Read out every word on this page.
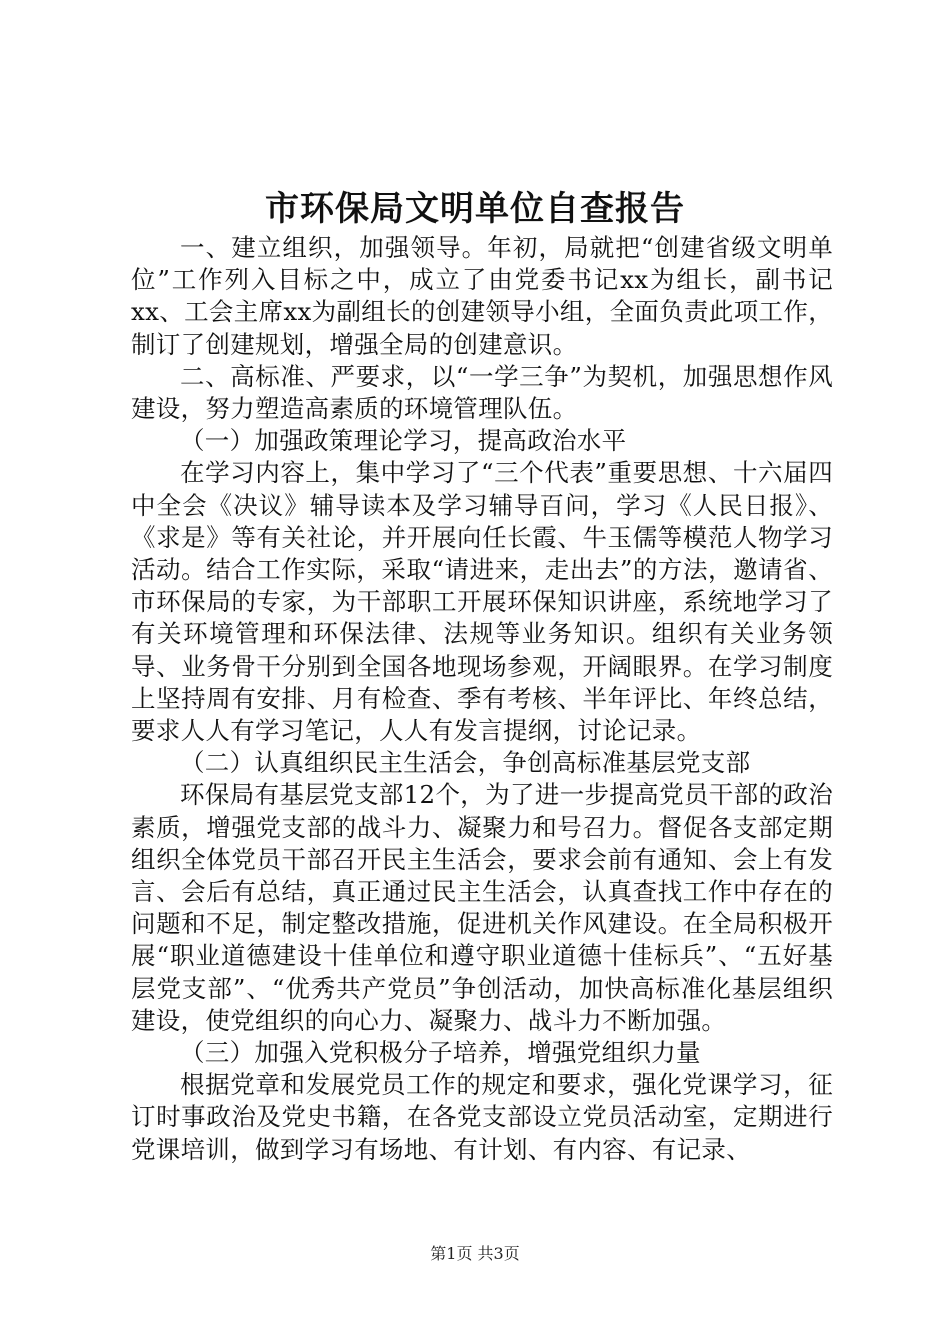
市环保局文明单位自查报告

一、建立组织，加强领导。年初，局就把“创建省级文明单位”工作列入目标之中，成立了由党委书记xx为组长，副书记xx、工会主席xx为副组长的创建领导小组，全面负责此项工作，制订了创建规划，增强全局的创建意识。

二、高标准、严要求，以“一学三争”为契机，加强思想作风建设，努力塑造高素质的环境管理队伍。

（一）加强政策理论学习，提高政治水平

在学习内容上，集中学习了“三个代表”重要思想、十六届四中全会《决议》辅导读本及学习辅导百问，学习《人民日报》、《求是》等有关社论，并开展向任长霞、牛玉儒等模范人物学习活动。结合工作实际，采取“请进来，走出去”的方法，邀请省、市环保局的专家，为干部职工开展环保知识讲座，系统地学习了有关环境管理和环保法律、法规等业务知识。组织有关业务领导、业务骨干分别到全国各地现场参观，开阔眼界。在学习制度上坚持周有安排、月有检查、季有考核、半年评比、年终总结，要求人人有学习笔记，人人有发言提纲，讨论记录。

（二）认真组织民主生活会，争创高标准基层党支部

环保局有基层党支部12个，为了进一步提高党员干部的政治素质，增强党支部的战斗力、凝聚力和号召力。督促各支部定期组织全体党员干部召开民主生活会，要求会前有通知、会上有发言、会后有总结，真正通过民主生活会，认真查找工作中存在的问题和不足，制定整改措施，促进机关作风建设。在全局积极开展“职业道德建设十佳单位和遵守职业道德十佳标兵”、“五好基层党支部”、“优秀共产党员”争创活动，加快高标准化基层组织建设，使党组织的向心力、凝聚力、战斗力不断加强。

（三）加强入党积极分子培养，增强党组织力量

根据党章和发展党员工作的规定和要求，强化党课学习，征订时事政治及党史书籍，在各党支部设立党员活动室，定期进行党课培训，做到学习有场地、有计划、有内容、有记录、

第1页 共3页
